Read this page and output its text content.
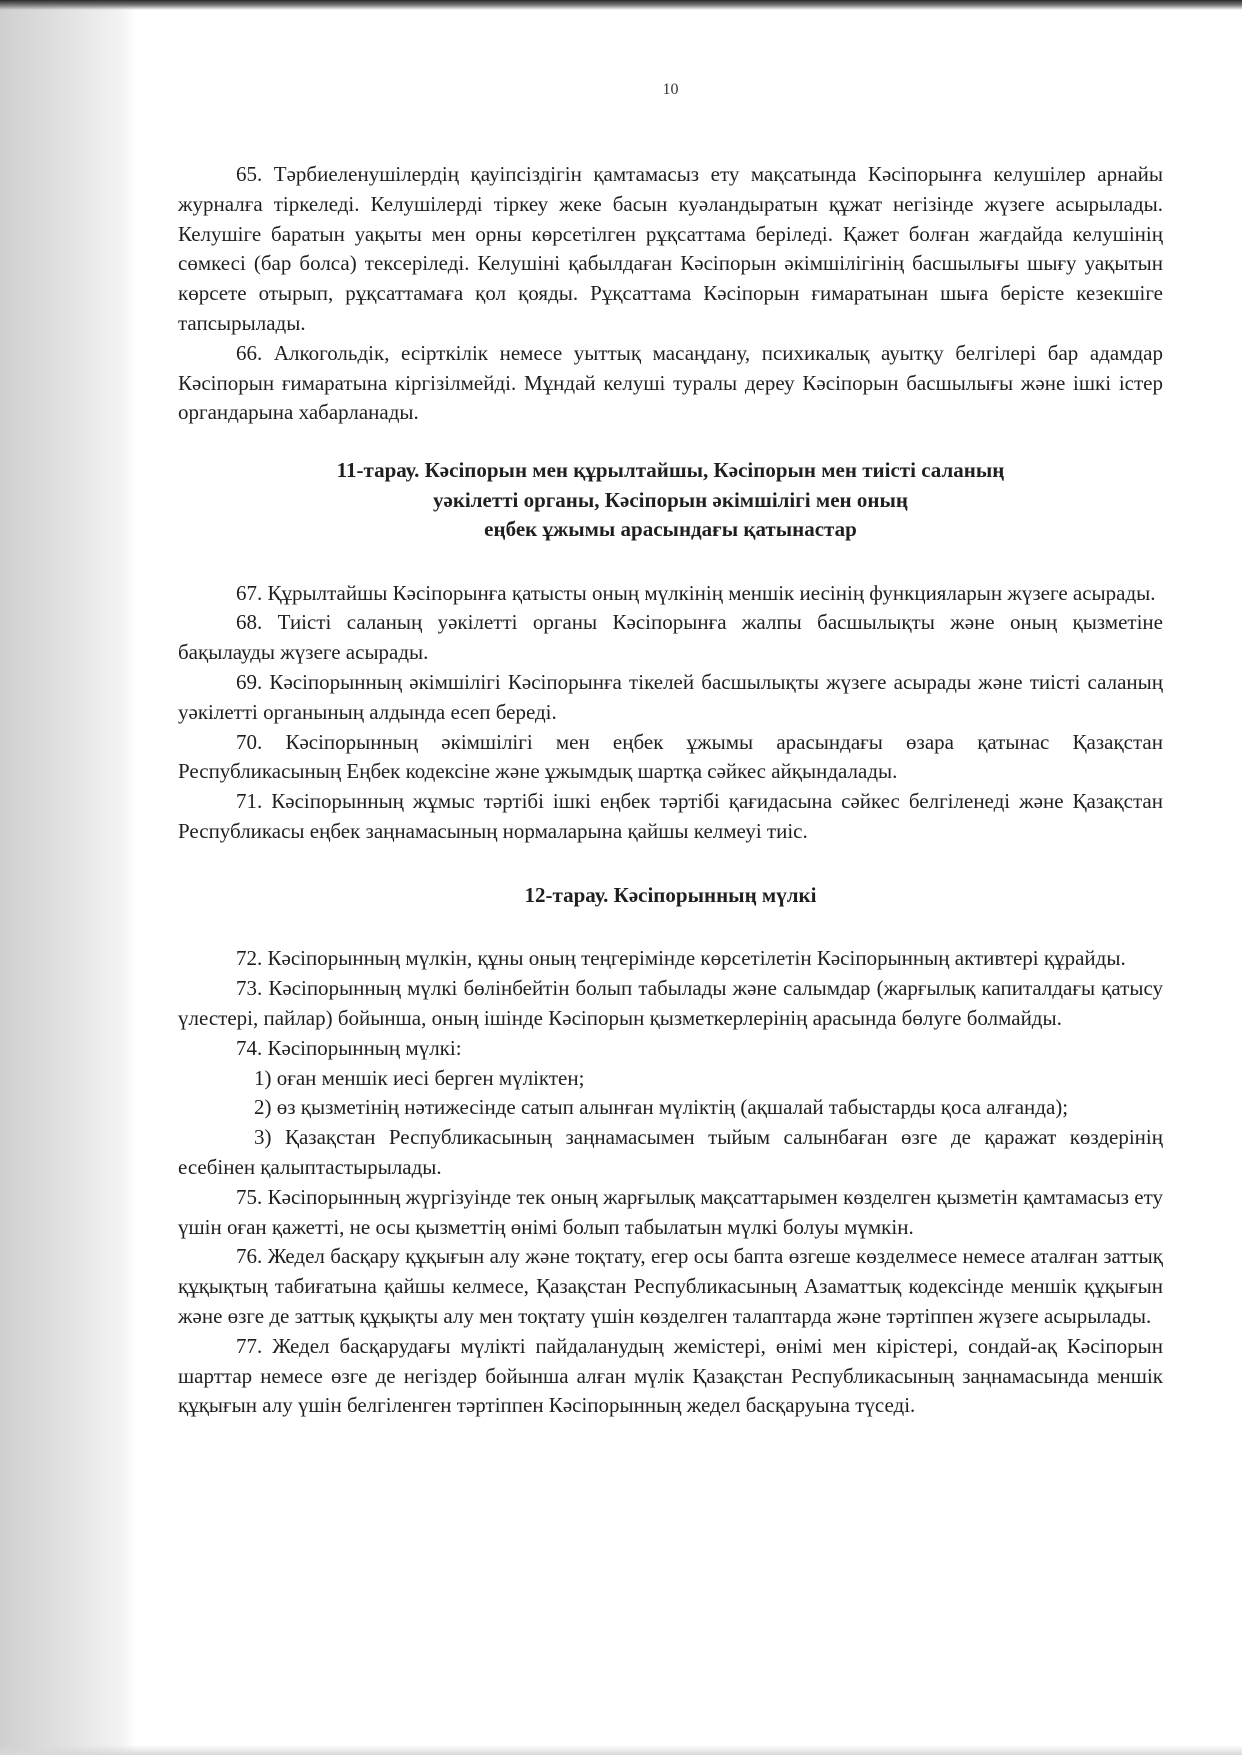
10

65. Тәрбиеленушілердің қауіпсіздігін қамтамасыз ету мақсатында Кәсіпорынға келушілер арнайы журналға тіркеледі. Келушілерді тіркеу жеке басын куәландыратын құжат негізінде жүзеге асырылады. Келушіге баратын уақыты мен орны көрсетілген рұқсаттама беріледі. Қажет болған жағдайда келушінің сөмкесі (бар болса) тексеріледі. Келушіні қабылдаған Кәсіпорын әкімшілігінің басшылығы шығу уақытын көрсете отырып, рұқсаттамаға қол қояды. Рұқсаттама Кәсіпорын ғимаратынан шыға берісте кезекшіге тапсырылады.

66. Алкогольдік, есірткілік немесе уыттық масаңдану, психикалық ауытқу белгілері бар адамдар Кәсіпорын ғимаратына кіргізілмейді. Мұндай келуші туралы дереу Кәсіпорын басшылығы және ішкі істер органдарына хабарланады.

11-тарау. Кәсіпорын мен құрылтайшы, Кәсіпорын мен тиісті саланың
уәкілетті органы, Кәсіпорын әкімшілігі мен оның
еңбек ұжымы арасындағы қатынастар

67. Құрылтайшы Кәсіпорынға қатысты оның мүлкінің меншік иесінің функцияларын жүзеге асырады.

68. Тиісті саланың уәкілетті органы Кәсіпорынға жалпы басшылықты және оның қызметіне бақылауды жүзеге асырады.

69. Кәсіпорынның әкімшілігі Кәсіпорынға тікелей басшылықты жүзеге асырады және тиісті саланың уәкілетті органының алдында есеп береді.

70. Кәсіпорынның әкімшілігі мен еңбек ұжымы арасындағы өзара қатынас Қазақстан Республикасының Еңбек кодексіне және ұжымдық шартқа сәйкес айқындалады.

71. Кәсіпорынның жұмыс тәртібі ішкі еңбек тәртібі қағидасына сәйкес белгіленеді және Қазақстан Республикасы еңбек заңнамасының нормаларына қайшы келмеуі тиіс.

12-тарау. Кәсіпорынның мүлкі

72. Кәсіпорынның мүлкін, құны оның теңгерімінде көрсетілетін Кәсіпорынның активтері құрайды.

73. Кәсіпорынның мүлкі бөлінбейтін болып табылады және салымдар (жарғылық капиталдағы қатысу үлестері, пайлар) бойынша, оның ішінде Кәсіпорын қызметкерлерінің арасында бөлуге болмайды.

74. Кәсіпорынның мүлкі:

1) оған меншік иесі берген мүліктен;

2) өз қызметінің нәтижесінде сатып алынған мүліктің (ақшалай табыстарды қоса алғанда);

3) Қазақстан Республикасының заңнамасымен тыйым салынбаған өзге де қаражат көздерінің есебінен қалыптастырылады.

75. Кәсіпорынның жүргізуінде тек оның жарғылық мақсаттарымен көзделген қызметін қамтамасыз ету үшін оған қажетті, не осы қызметтің өнімі болып табылатын мүлкі болуы мүмкін.

76. Жедел басқару құқығын алу және тоқтату, егер осы бапта өзгеше көзделмесе немесе аталған заттық құқықтың табиғатына қайшы келмесе, Қазақстан Республикасының Азаматтық кодексінде меншік құқығын және өзге де заттық құқықты алу мен тоқтату үшін көзделген талаптарда және тәртіппен жүзеге асырылады.

77. Жедел басқарудағы мүлікті пайдаланудың жемістері, өнімі мен кірістері, сондай-ақ Кәсіпорын шарттар немесе өзге де негіздер бойынша алған мүлік Қазақстан Республикасының заңнамасында меншік құқығын алу үшін белгіленген тәртіппен Кәсіпорынның жедел басқаруына түседі.
